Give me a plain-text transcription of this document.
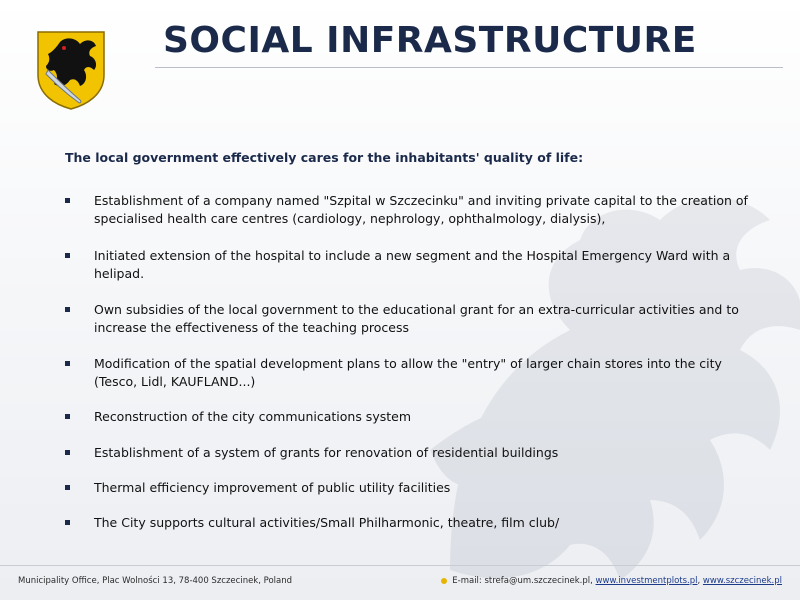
SOCIAL INFRASTRUCTURE

The local government effectively cares for the inhabitants' quality of life:

Establishment of a company named "Szpital w Szczecinku" and inviting private capital to the creation of specialised health care centres (cardiology, nephrology, ophthalmology, dialysis),
Initiated extension of the hospital to include a new segment and the Hospital Emergency Ward with a helipad.
Own subsidies of the local government to the educational grant for an extra-curricular activities and to increase the effectiveness of the teaching process
Modification of the spatial development plans to allow the "entry" of larger chain stores into the city (Tesco, Lidl, KAUFLAND...)
Reconstruction of the city communications system
Establishment of a system of grants for renovation of residential buildings
Thermal efficiency improvement of public utility facilities
The City supports cultural activities/Small Philharmonic, theatre, film club/
Municipality Office, Plac Wolności 13, 78-400 Szczecinek, Poland	E-mail: strefa@um.szczecinek.pl, www.investmentplots.pl, www.szczecinek.pl
